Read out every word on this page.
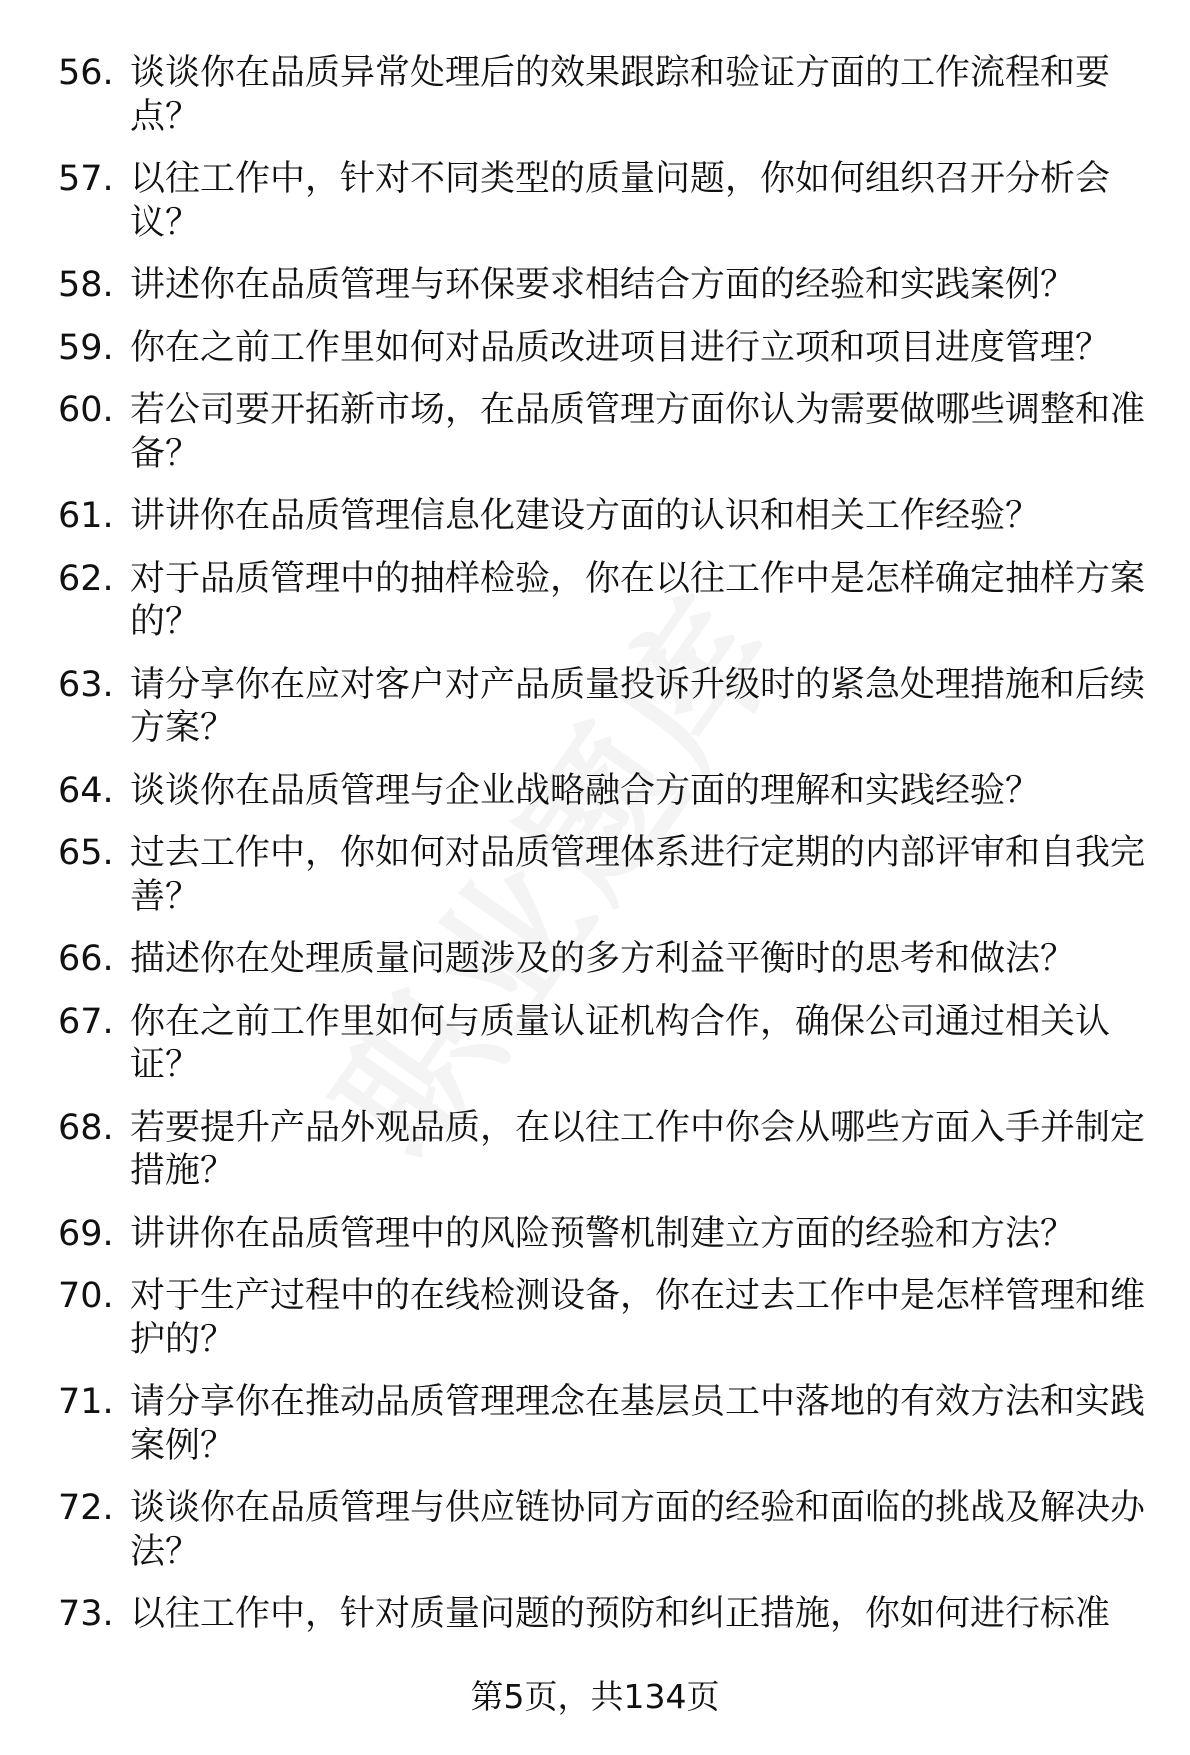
56. 谈谈你在品质异常处理后的效果跟踪和验证方面的工作流程和要点？
57. 以往工作中，针对不同类型的质量问题，你如何组织召开分析会议？
58. 讲述你在品质管理与环保要求相结合方面的经验和实践案例？
59. 你在之前工作里如何对品质改进项目进行立项和项目进度管理？
60. 若公司要开拓新市场，在品质管理方面你认为需要做哪些调整和准备？
61. 讲讲你在品质管理信息化建设方面的认识和相关工作经验？
62. 对于品质管理中的抽样检验，你在以往工作中是怎样确定抽样方案的？
63. 请分享你在应对客户对产品质量投诉升级时的紧急处理措施和后续方案？
64. 谈谈你在品质管理与企业战略融合方面的理解和实践经验？
65. 过去工作中，你如何对品质管理体系进行定期的内部评审和自我完善？
66. 描述你在处理质量问题涉及的多方利益平衡时的思考和做法？
67. 你在之前工作里如何与质量认证机构合作，确保公司通过相关认证？
68. 若要提升产品外观品质，在以往工作中你会从哪些方面入手并制定措施？
69. 讲讲你在品质管理中的风险预警机制建立方面的经验和方法？
70. 对于生产过程中的在线检测设备，你在过去工作中是怎样管理和维护的？
71. 请分享你在推动品质管理理念在基层员工中落地的有效方法和实践案例？
72. 谈谈你在品质管理与供应链协同方面的经验和面临的挑战及解决办法？
73. 以往工作中，针对质量问题的预防和纠正措施，你如何进行标准
第5页，共134页
